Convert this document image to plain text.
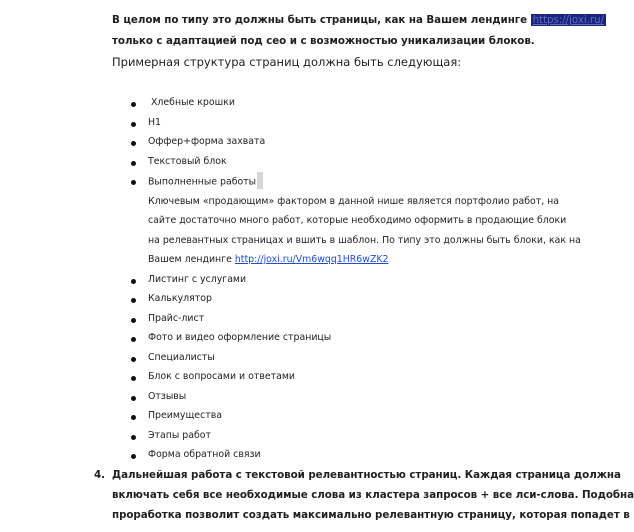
В целом по типу это должны быть страницы, как на Вашем лендинге https://joxi.ru/
только с адаптацией под сео и с возможностью уникализации блоков.
Примерная структура страниц должна быть следующая:
Хлебные крошки
H1
Оффер+форма захвата
Текстовый блок
Выполненные работы
Ключевым «продающим» фактором в данной нише является портфолио работ, на
сайте достаточно много работ, которые необходимо оформить в продающие блоки
на релевантных страницах и вшить в шаблон. По типу это должны быть блоки, как на
Вашем лендинге http://joxi.ru/Vm6wqq1HR6wZK2
Листинг с услугами
Калькулятор
Прайс-лист
Фото и видео оформление страницы
Специалисты
Блок с вопросами и ответами
Отзывы
Преимущества
Этапы работ
Форма обратной связи
4. Дальнейшая работа с текстовой релевантностью страниц. Каждая страница должна
включать себя все необходимые слова из кластера запросов + все лси-слова. Подобна
проработка позволит создать максимально релевантную страницу, которая попадет в
